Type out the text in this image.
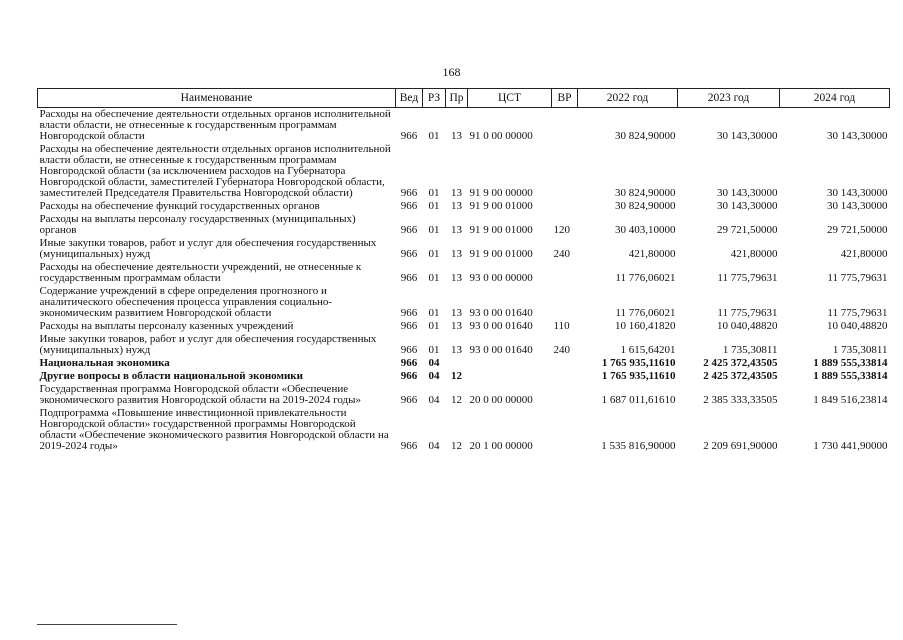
168
Наименование	Вед	РЗ	Пр	ЦСТ	ВР	2022 год	2023 год	2024 год
Расходы на обеспечение деятельности отдельных органов исполнительной власти области, не отнесенные к государственным программам Новгородской области	966	01	13	91 0 00 00000		30 824,90000	30 143,30000	30 143,30000
Расходы на обеспечение деятельности отдельных органов исполнительной власти области, не отнесенные к государственным программам Новгородской области (за исключением расходов на Губернатора Новгородской области, заместителей Губернатора Новгородской области, заместителей Председателя Правительства Новгородской области)	966	01	13	91 9 00 00000		30 824,90000	30 143,30000	30 143,30000
Расходы на обеспечение функций государственных органов	966	01	13	91 9 00 01000		30 824,90000	30 143,30000	30 143,30000
Расходы на выплаты персоналу государственных (муниципальных) органов	966	01	13	91 9 00 01000	120	30 403,10000	29 721,50000	29 721,50000
Иные закупки товаров, работ и услуг для обеспечения государственных (муниципальных) нужд	966	01	13	91 9 00 01000	240	421,80000	421,80000	421,80000
Расходы на обеспечение деятельности учреждений, не отнесенные к государственным программам области	966	01	13	93 0 00 00000		11 776,06021	11 775,79631	11 775,79631
Содержание учреждений в сфере определения прогнозного и аналитического обеспечения процесса управления социально-экономическим развитием Новгородской области	966	01	13	93 0 00 01640		11 776,06021	11 775,79631	11 775,79631
Расходы на выплаты персоналу казенных учреждений	966	01	13	93 0 00 01640	110	10 160,41820	10 040,48820	10 040,48820
Иные закупки товаров, работ и услуг для обеспечения государственных (муниципальных) нужд	966	01	13	93 0 00 01640	240	1 615,64201	1 735,30811	1 735,30811
Национальная экономика	966	04				1 765 935,11610	2 425 372,43505	1 889 555,33814
Другие вопросы в области национальной экономики	966	04	12			1 765 935,11610	2 425 372,43505	1 889 555,33814
Государственная программа Новгородской области «Обеспечение экономического развития Новгородской области на 2019-2024 годы»	966	04	12	20 0 00 00000		1 687 011,61610	2 385 333,33505	1 849 516,23814
Подпрограмма «Повышение инвестиционной привлекательности Новгородской области» государственной программы Новгородской области «Обеспечение экономического развития Новгородской области на 2019-2024 годы»	966	04	12	20 1 00 00000		1 535 816,90000	2 209 691,90000	1 730 441,90000
